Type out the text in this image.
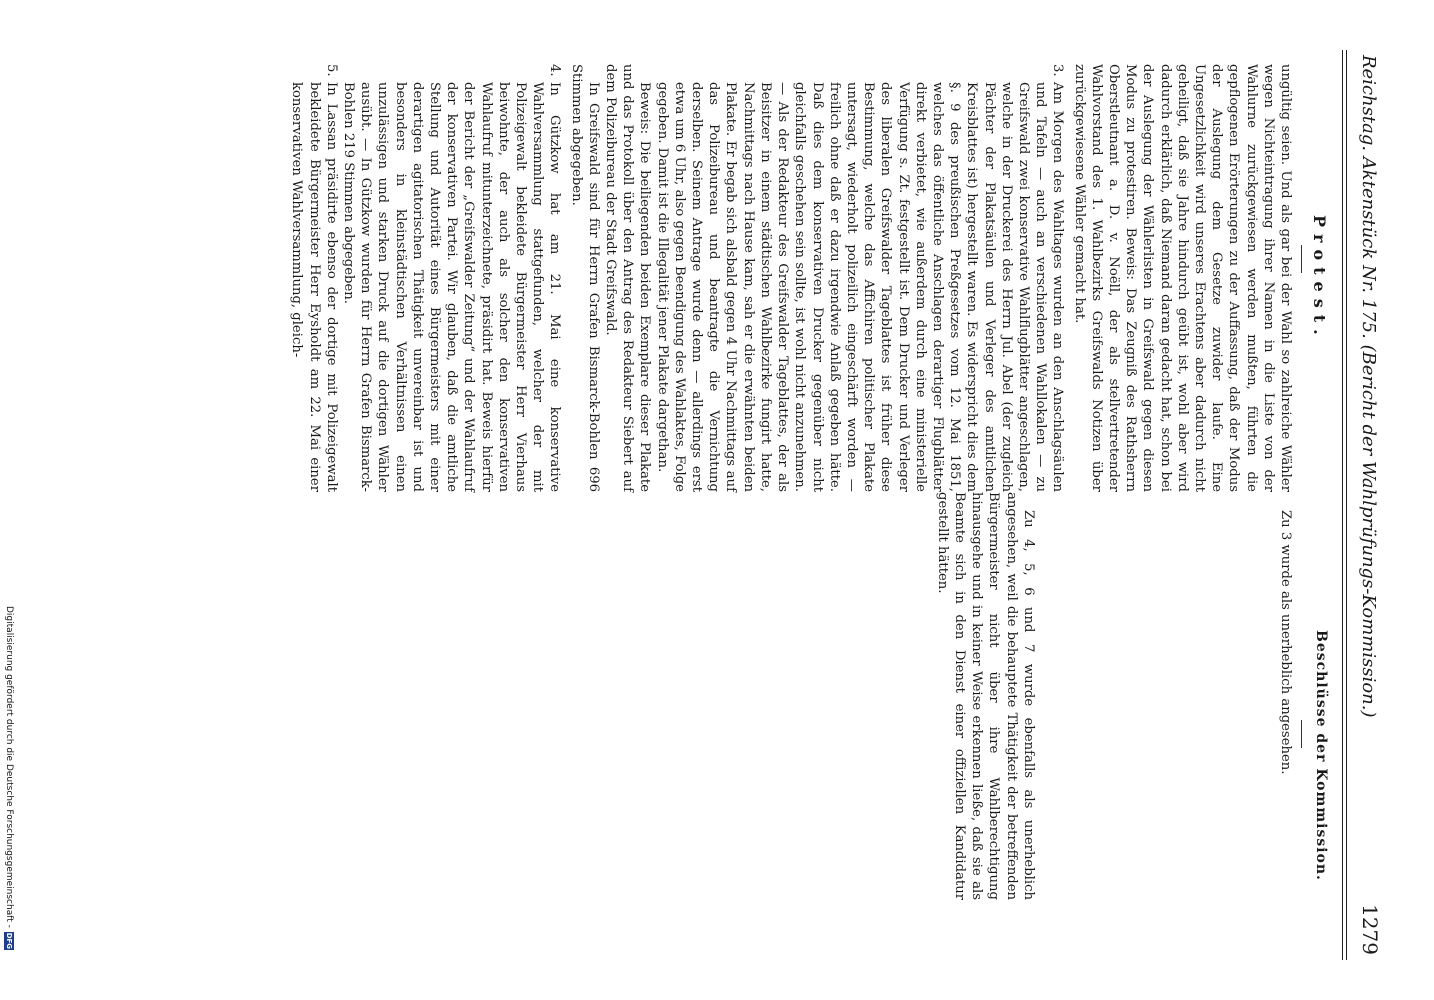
Reichstag. Aktenstück Nr. 175. (Bericht der Wahlprüfungs-Kommission.)
1279
Protest.
Beschlüsse der Kommission.

ungültig seien. Und als gar bei der Wahl so zahlreiche Wähler wegen Nichteintragung ihrer Namen in die Liste von der Wahlurne zurückgewiesen werden mußten, führten die gepflogenen Erörterungen zu der Auffassung, daß der Modus der Auslegung dem Gesetze zuwider laufe. Eine Ungesetzlichkeit wird unseres Erachtens aber dadurch nicht geheiligt, daß sie Jahre hindurch geübt ist, wohl aber wird dadurch erklärlich, daß Niemand daran gedacht hat, schon bei der Auslegung der Wählerlisten in Greifswald gegen diesen Modus zu protestiren. Beweis: Das Zeugniß des Rathsherrn Oberstleutnant a. D. v. Noëll, der als stellvertretender Wahlvorstand des 1. Wahlbezirks Greifswalds Notizen über zurückgewiesene Wähler gemacht hat.

3.
Am Morgen des Wahltages wurden an den Anschlagsäulen und Tafeln — auch an verschiedenen Wahllokalen — zu Greifswald zwei konservative Wahlflugblätter angeschlagen, welche in der Druckerei des Herrn Jul. Abel (der zugleich Pächter der Plakatsäulen und Verleger des amtlichen Kreisblattes ist) hergestellt waren. Es widerspricht dies dem §. 9 des preußischen Preßgesetzes vom 12. Mai 1851, welches das öffentliche Anschlagen derartiger Flugblätter direkt verbietet, wie außerdem durch eine ministerielle Verfügung s. Zt. festgestellt ist. Dem Drucker und Verleger des liberalen Greifswalder Tageblattes ist früher diese Bestimmung, welche das Affichiren politischer Plakate untersagt, wiederholt polizeilich eingeschärft worden — freilich ohne daß er dazu irgendwie Anlaß gegeben hätte. Daß dies dem konservativen Drucker gegenüber nicht gleichfalls geschehen sein sollte, ist wohl nicht anzunehmen. — Als der Redakteur des Greifswalder Tageblattes, der als Beisitzer in einem städtischen Wahlbezirke fungirt hatte, Nachmittags nach Hause kam, sah er die erwähnten beiden Plakate. Er begab sich alsbald gegen 4 Uhr Nachmittags auf das Polizeibureau und beantragte die Vernichtung derselben. Seinem Antrage wurde denn — allerdings erst etwa um 6 Uhr, also gegen Beendigung des Wahlaktes, Folge gegeben. Damit ist die Illegalität jener Plakate dargethan.

Beweis: Die beiliegenden beiden Exemplare dieser Plakate und das Protokoll über den Antrag des Redakteur Siebert auf dem Polizeibureau der Stadt Greifswald.

In Greifswald sind für Herrn Grafen Bismarck-Bohlen 696 Stimmen abgegeben.

4.
In Gützkow hat am 21. Mai eine konservative Wahlversammlung stattgefunden, welcher der mit Polizeigewalt bekleidete Bürgermeister Herr Vierhaus beiwohnte, der auch als solcher den konservativen Wahlaufruf mitunterzeichnete, präsidirt hat. Beweis hierfür der Bericht der „Greifswalder Zeitung“ und der Wahlaufruf der konservativen Partei. Wir glauben, daß die amtliche Stellung und Autorität eines Bürgermeisters mit einer derartigen agitatorischen Thätigkeit unvereinbar ist und besonders in kleinstädtischen Verhältnissen einen unzulässigen und starken Druck auf die dortigen Wähler ausübt. — In Gützkow wurden für Herrn Grafen Bismarck-Bohlen 219 Stimmen abgegeben.
5.
In Lassan präsidirte ebenso der dortige mit Polizeigewalt bekleidete Bürgermeister Herr Eysholdt am 22. Mai einer konservativen Wahlversammlung, gleich-

Zu 3 wurde als unerheblich angesehen.

Zu 4, 5, 6 und 7 wurde ebenfalls als unerheblich angesehen, weil die behauptete Thätigkeit der betreffenden Bürgermeister nicht über ihre Wahlberechtigung hinausgehe und in keiner Weise erkennen ließe, daß sie als Beamte sich in den Dienst einer offiziellen Kandidatur gestellt hätten.

Digitalisierung gefördert durch die Deutsche Forschungsgemeinschaft -
DFG
